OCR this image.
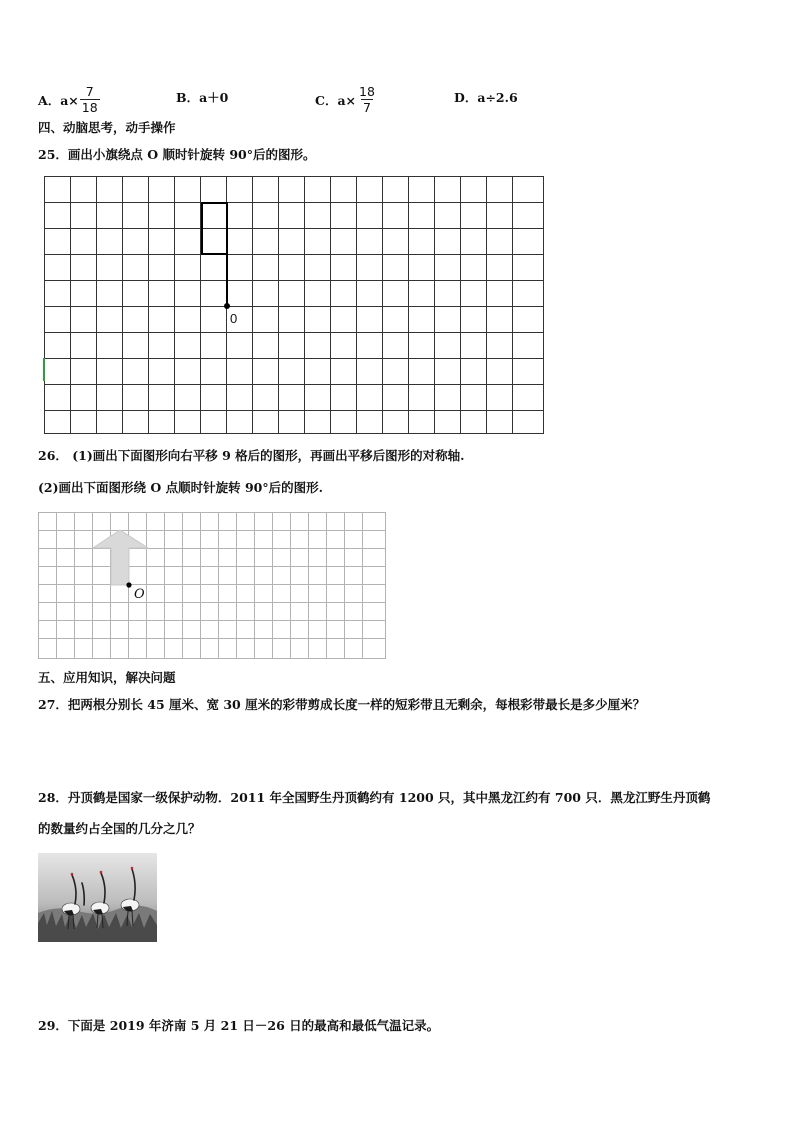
A．$a\times \frac{7}{18}$	B．a＋0	C．$a\times \frac{18}{7}$	D．a÷2.6
四、动脑思考，动手操作
25．画出小旗绕点 O 顺时针旋转 90°后的图形。
0
26． (1)画出下面图形向右平移 9 格后的图形，再画出平移后图形的对称轴.
(2)画出下面图形绕 O 点顺时针旋转 90°后的图形.
O
五、应用知识，解决问题
27．把两根分别长 45 厘米、宽 30 厘米的彩带剪成长度一样的短彩带且无剩余，每根彩带最长是多少厘米？
28．丹顶鹤是国家一级保护动物．2011 年全国野生丹顶鹤约有 1200 只，其中黑龙江约有 700 只．黑龙江野生丹顶鹤
的数量约占全国的几分之几？
29．下面是 2019 年济南 5 月 21 日－26 日的最高和最低气温记录。
